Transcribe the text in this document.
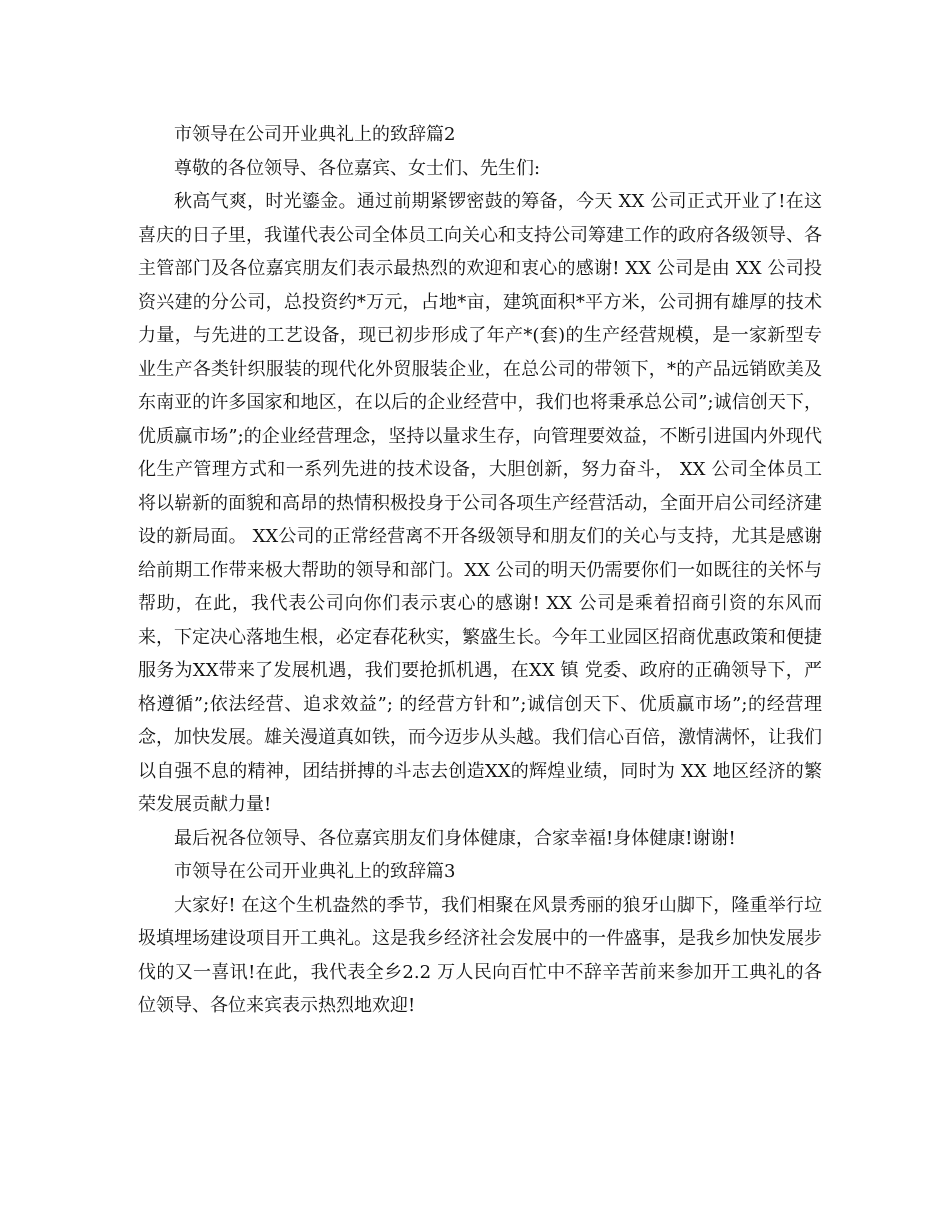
市领导在公司开业典礼上的致辞篇2

尊敬的各位领导、各位嘉宾、女士们、先生们:

秋高气爽，时光鎏金。通过前期紧锣密鼓的筹备，今天 XX 公司正式开业了!在这喜庆的日子里，我谨代表公司全体员工向关心和支持公司筹建工作的政府各级领导、各主管部门及各位嘉宾朋友们表示最热烈的欢迎和衷心的感谢! XX 公司是由 XX 公司投资兴建的分公司，总投资约*万元，占地*亩，建筑面积*平方米，公司拥有雄厚的技术力量，与先进的工艺设备，现已初步形成了年产*(套)的生产经营规模，是一家新型专业生产各类针织服装的现代化外贸服装企业，在总公司的带领下，*的产品远销欧美及东南亚的许多国家和地区，在以后的企业经营中，我们也将秉承总公司”;诚信创天下，优质赢市场”;的企业经营理念，坚持以量求生存，向管理要效益，不断引进国内外现代化生产管理方式和一系列先进的技术设备，大胆创新，努力奋斗， XX 公司全体员工将以崭新的面貌和高昂的热情积极投身于公司各项生产经营活动，全面开启公司经济建设的新局面。 XX公司的正常经营离不开各级领导和朋友们的关心与支持，尤其是感谢给前期工作带来极大帮助的领导和部门。XX 公司的明天仍需要你们一如既往的关怀与帮助，在此，我代表公司向你们表示衷心的感谢! XX 公司是乘着招商引资的东风而来，下定决心落地生根，必定春花秋实，繁盛生长。今年工业园区招商优惠政策和便捷服务为XX带来了发展机遇，我们要抢抓机遇，在XX 镇 党委、政府的正确领导下，严格遵循”;依法经营、追求效益”; 的经营方针和”;诚信创天下、优质赢市场”;的经营理念，加快发展。雄关漫道真如铁，而今迈步从头越。我们信心百倍，激情满怀，让我们以自强不息的精神，团结拼搏的斗志去创造XX的辉煌业绩，同时为 XX 地区经济的繁荣发展贡献力量!

最后祝各位领导、各位嘉宾朋友们身体健康，合家幸福!身体健康!谢谢!

市领导在公司开业典礼上的致辞篇3

大家好! 在这个生机盎然的季节，我们相聚在风景秀丽的狼牙山脚下，隆重举行垃圾填埋场建设项目开工典礼。这是我乡经济社会发展中的一件盛事，是我乡加快发展步伐的又一喜讯!在此，我代表全乡2.2 万人民向百忙中不辞辛苦前来参加开工典礼的各位领导、各位来宾表示热烈地欢迎!
